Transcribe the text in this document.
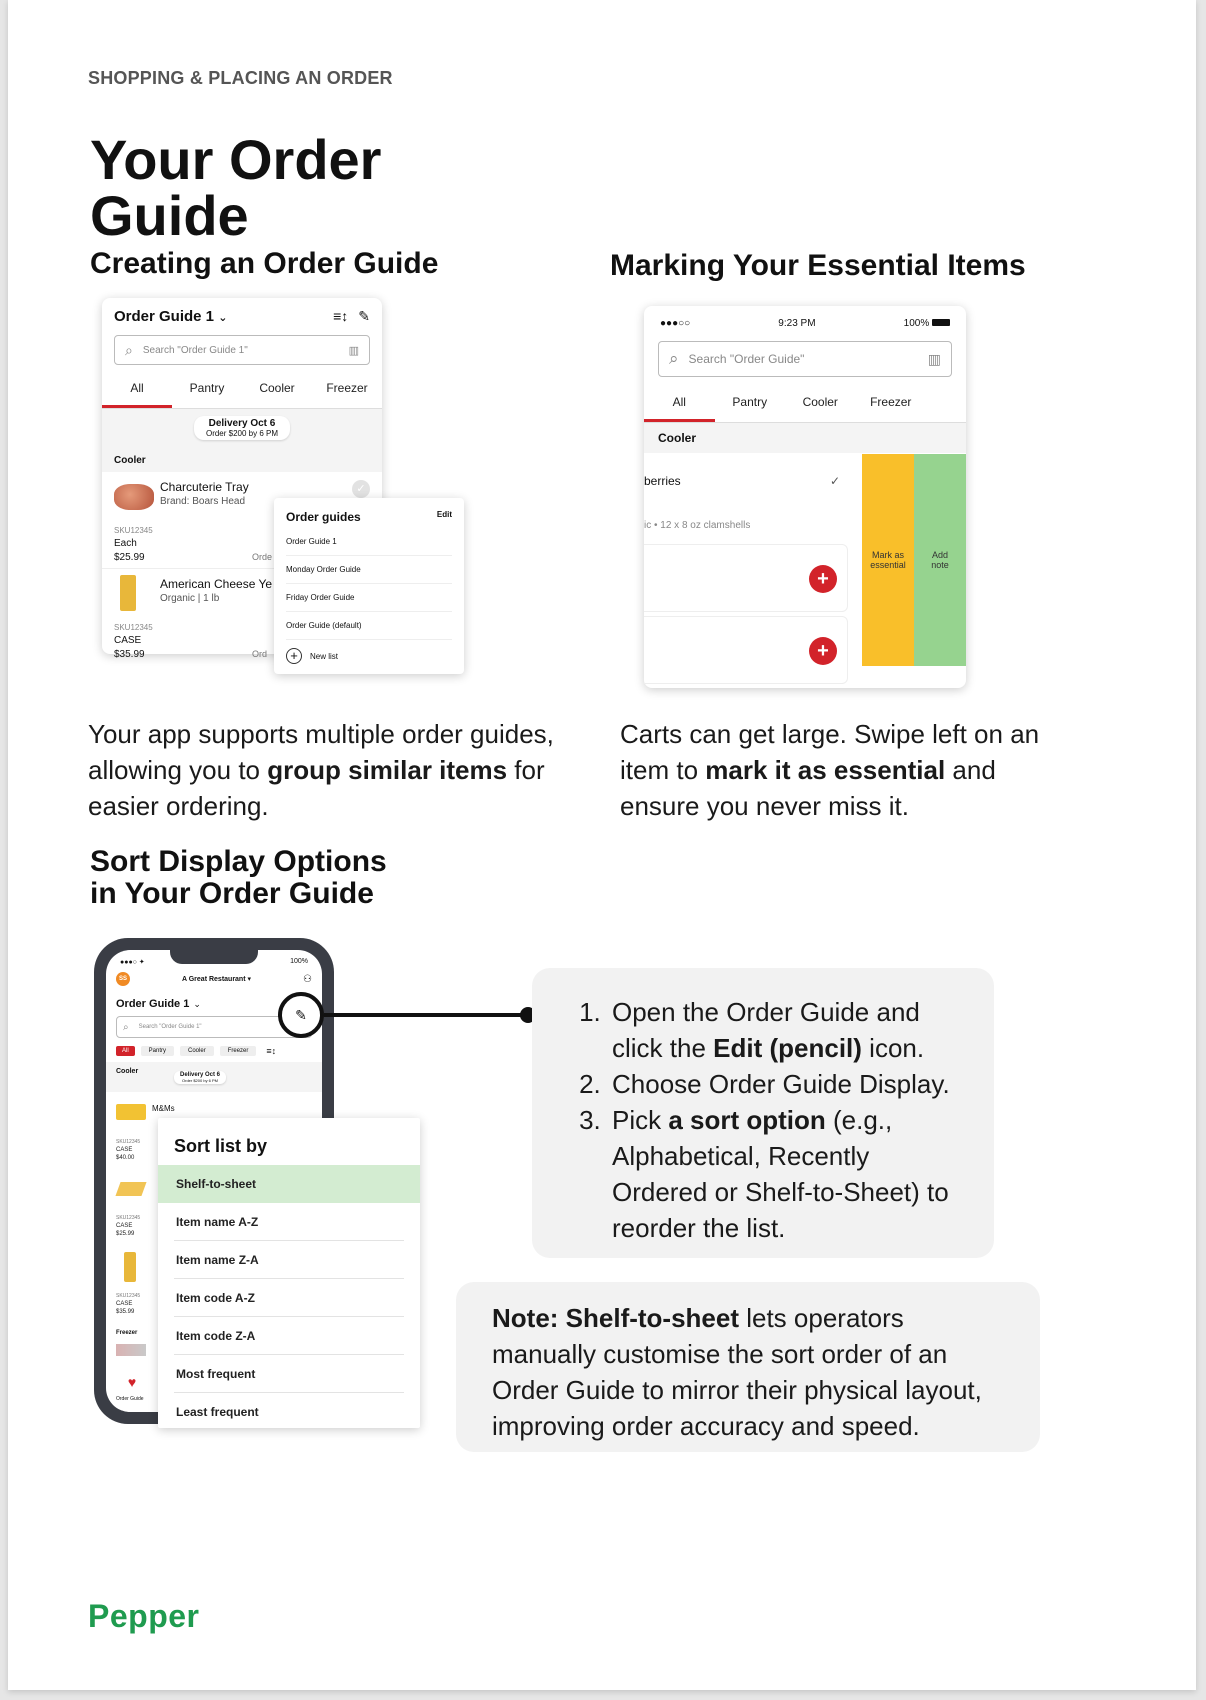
SHOPPING & PLACING AN ORDER
Your Order Guide
Creating an Order Guide
Order Guide 1 ⌄	≡↕ ✎
⌕ Search "Order Guide 1"	▥
All	Pantry	Cooler	Freezer
Delivery Oct 6
Order $200 by 6 PM
Cooler
Charcuterie Tray
Brand: Boars Head
✓
SKU12345
Each
$25.99	Orde
American Cheese Ye
Organic | 1 lb
SKU12345
CASE
$35.99	Ord
Order guides	Edit
Order Guide 1
Monday Order Guide
Friday Order Guide
Order Guide (default)
+	New list
Your app supports multiple order guides, allowing you to group similar items for easier ordering.
Marking Your Essential Items
●●●○○	9:23 PM	100%
⌕ Search "Order Guide"	▥
All	Pantry	Cooler	Freezer
Cooler
berries	✓
ic • 12 x 8 oz clamshells
+
+
Mark as essential
Add note
Carts can get large. Swipe left on an item to mark it as essential and ensure you never miss it.
Sort Display Options
in Your Order Guide
●●●○ ✦	100%
SS	A Great Restaurant ▾	⚇
Order Guide 1 ⌄
⌕ Search "Order Guide 1"
All	Pantry	Cooler	Freezer	≡↕
Cooler	Delivery Oct 6
Order $200 by 6 PM
M&Ms
SKU12345
CASE
$40.00
SKU12345
CASE
$25.99
SKU12345
CASE
$35.99
Freezer
♥
Order Guide
✎
Sort list by
Shelf-to-sheet
Item name A-Z
Item name Z-A
Item code A-Z
Item code Z-A
Most frequent
Least frequent
1. Open the Order Guide and click the Edit (pencil) icon.
2. Choose Order Guide Display.
3. Pick a sort option (e.g., Alphabetical, Recently Ordered or Shelf-to-Sheet) to reorder the list.
Note: Shelf-to-sheet lets operators manually customise the sort order of an Order Guide to mirror their physical layout, improving order accuracy and speed.
Pepper
